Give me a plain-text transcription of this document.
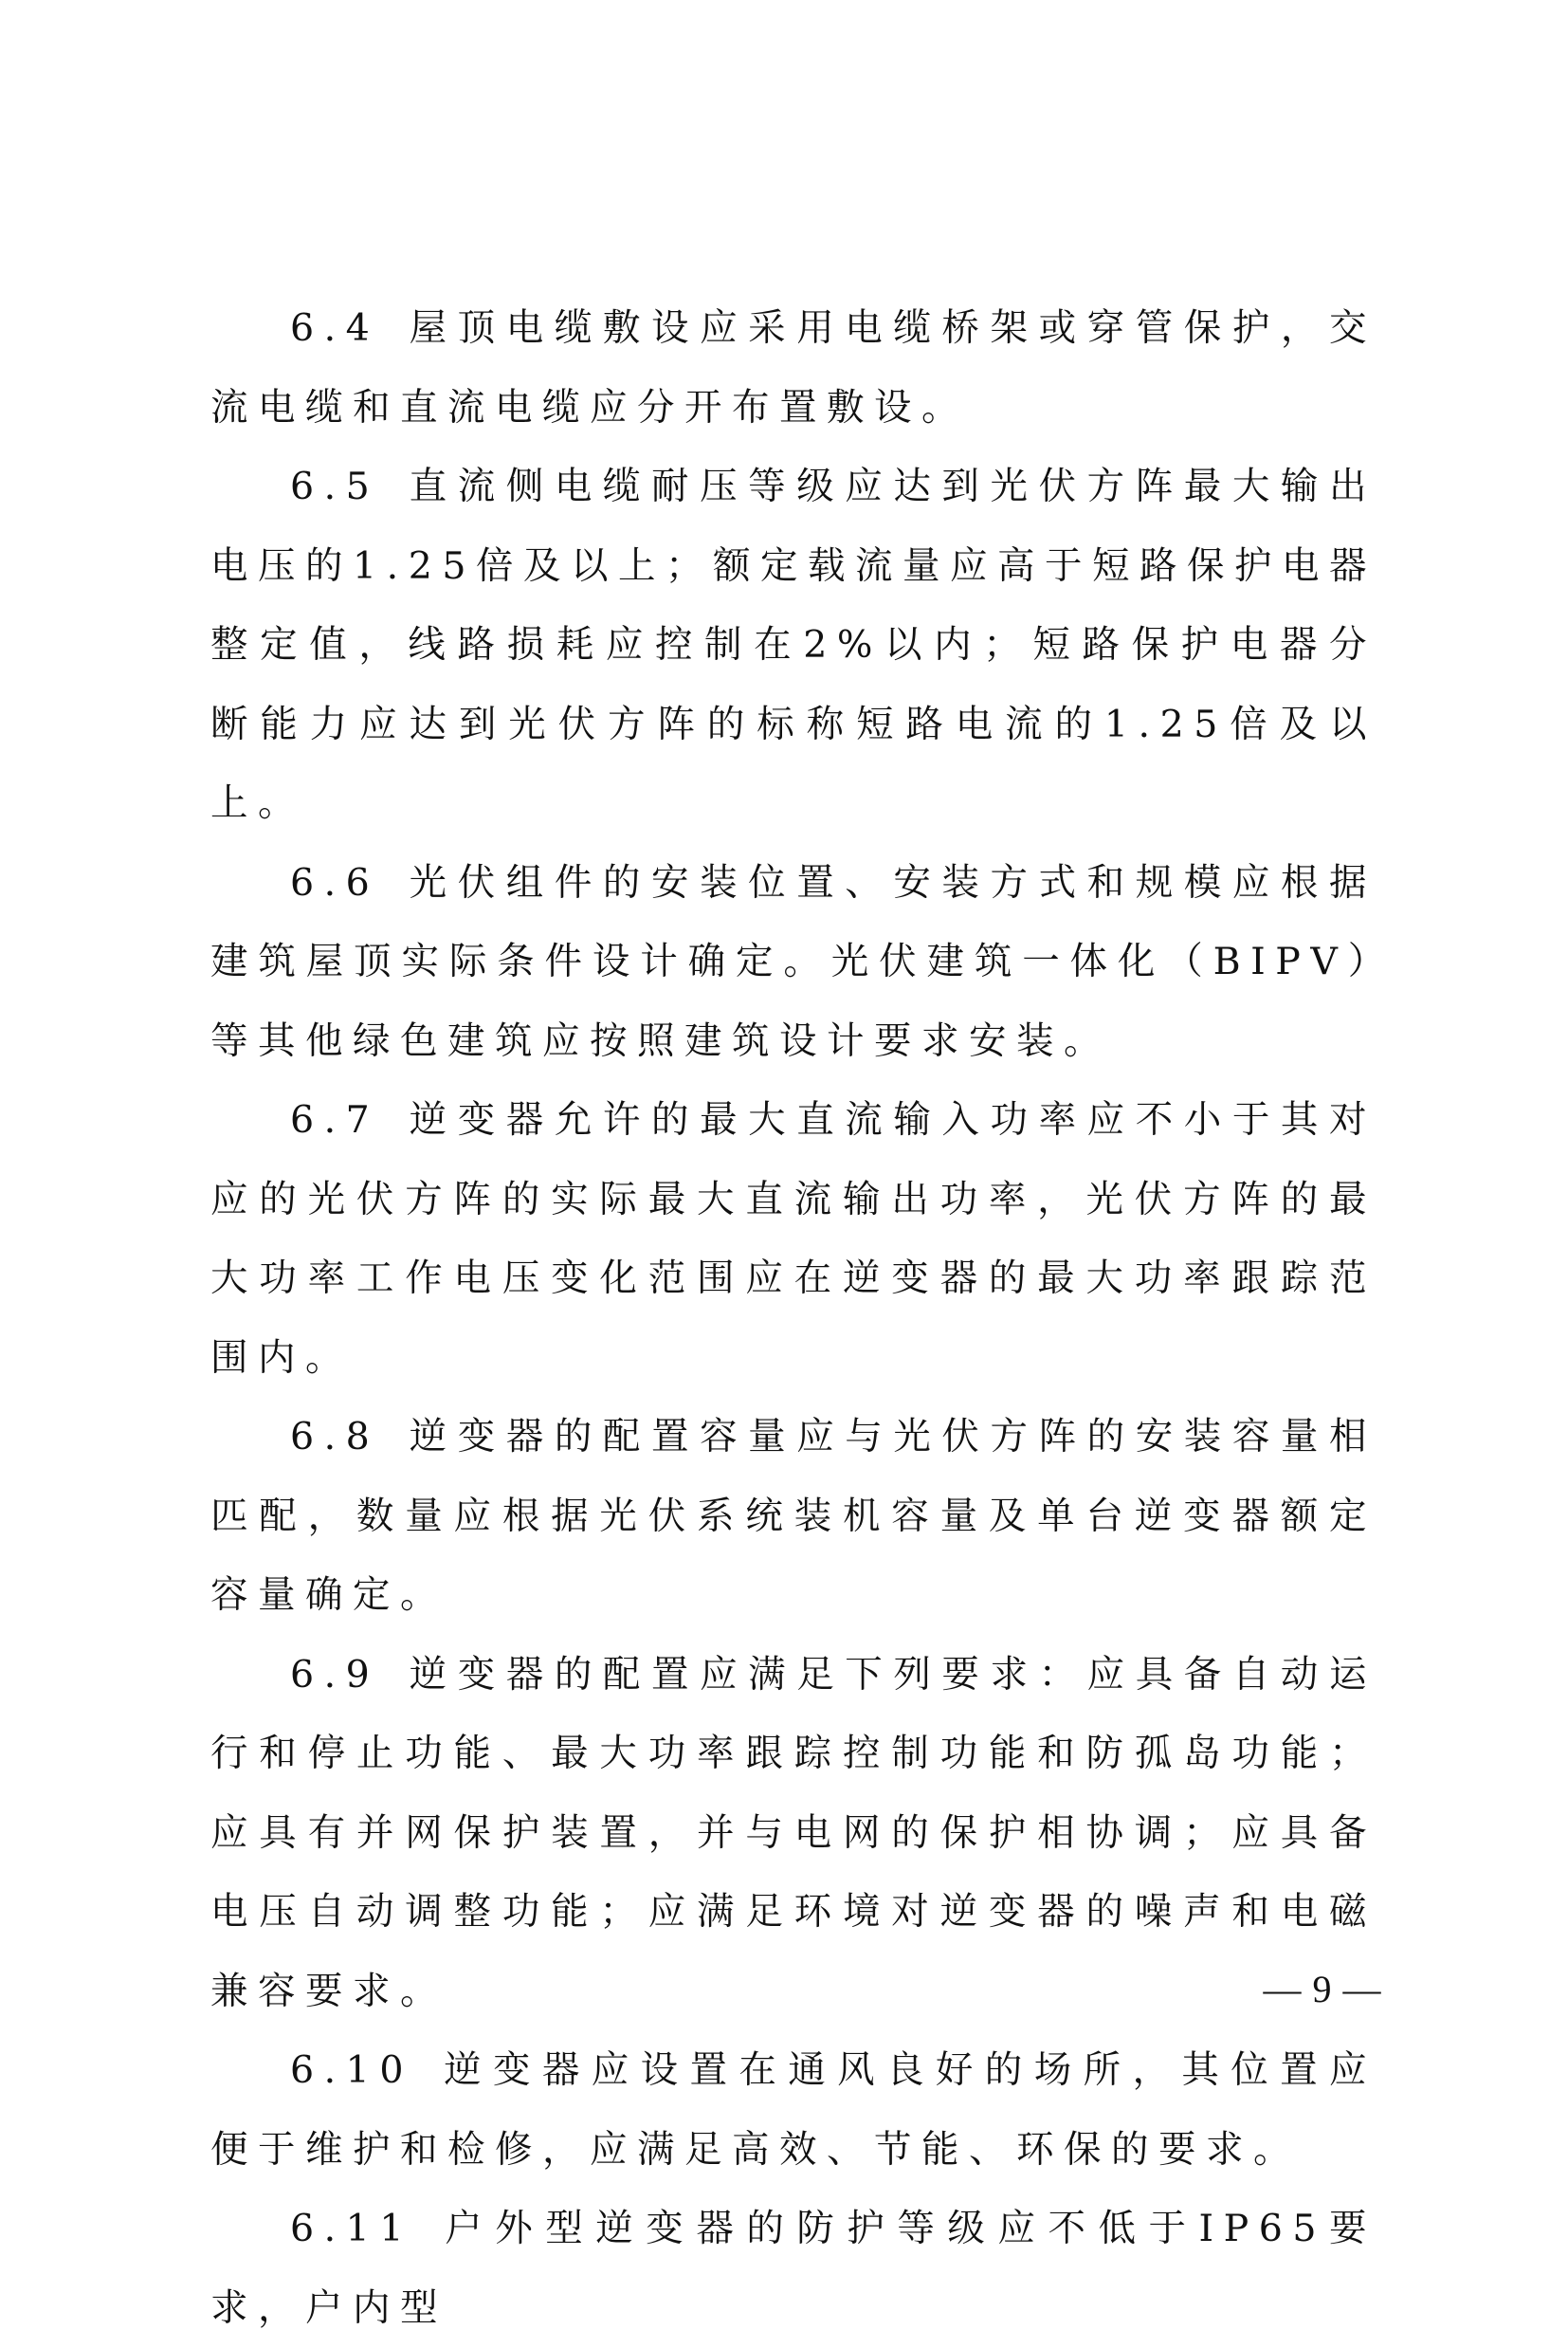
6.4  屋顶电缆敷设应采用电缆桥架或穿管保护，交流电缆和直流电缆应分开布置敷设。

6.5  直流侧电缆耐压等级应达到光伏方阵最大输出电压的1.25倍及以上；额定载流量应高于短路保护电器整定值，线路损耗应控制在2%以内；短路保护电器分断能力应达到光伏方阵的标称短路电流的1.25倍及以上。

6.6  光伏组件的安装位置、安装方式和规模应根据建筑屋顶实际条件设计确定。光伏建筑一体化（BIPV）等其他绿色建筑应按照建筑设计要求安装。

6.7  逆变器允许的最大直流输入功率应不小于其对应的光伏方阵的实际最大直流输出功率，光伏方阵的最大功率工作电压变化范围应在逆变器的最大功率跟踪范围内。

6.8  逆变器的配置容量应与光伏方阵的安装容量相匹配，数量应根据光伏系统装机容量及单台逆变器额定容量确定。

6.9  逆变器的配置应满足下列要求：应具备自动运行和停止功能、最大功率跟踪控制功能和防孤岛功能；应具有并网保护装置，并与电网的保护相协调；应具备电压自动调整功能；应满足环境对逆变器的噪声和电磁兼容要求。

6.10  逆变器应设置在通风良好的场所，其位置应便于维护和检修，应满足高效、节能、环保的要求。

6.11  户外型逆变器的防护等级应不低于IP65要求，户内型

— 9 —
